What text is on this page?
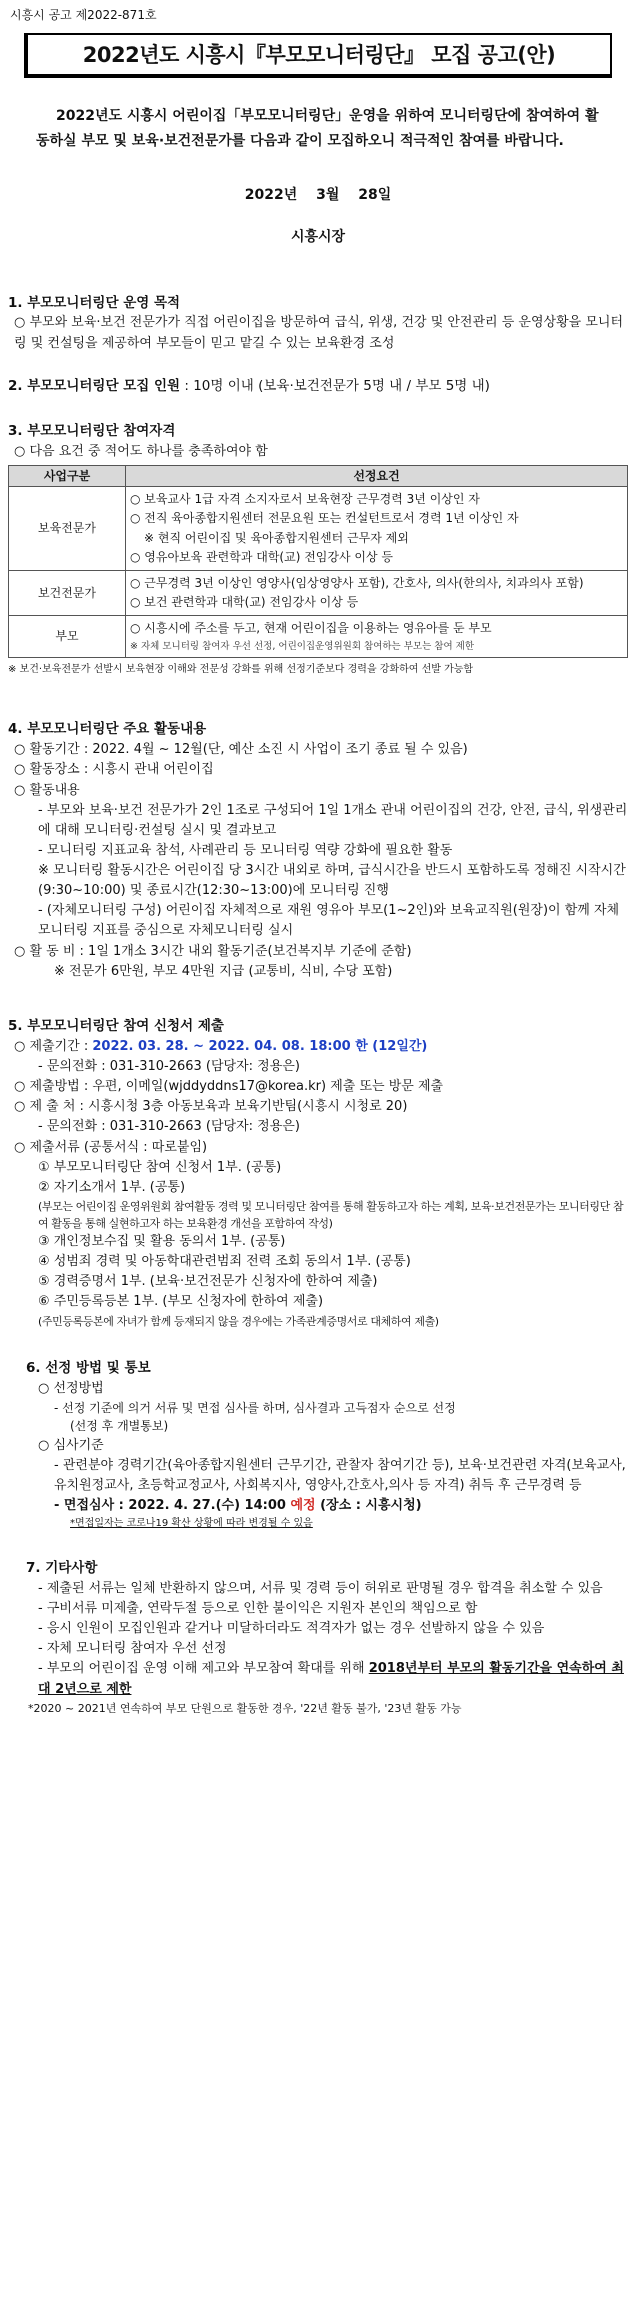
시흥시 공고 제2022-871호
2022년도 시흥시『부모모니터링단』 모집 공고(안)
2022년도 시흥시 어린이집「부모모니터링단」운영을 위하여 모니터링단에 참여하여 활동하실 부모 및 보육·보건전문가를 다음과 같이 모집하오니 적극적인 참여를 바랍니다.
2022년 3월 28일
시흥시장
1. 부모모니터링단 운영 목적
○ 부모와 보육·보건 전문가가 직접 어린이집을 방문하여 급식, 위생, 건강 및 안전관리 등 운영상황을 모니터링 및 컨설팅을 제공하여 부모들이 믿고 맡길 수 있는 보육환경 조성
2. 부모모니터링단 모집 인원 : 10명 이내 (보육·보건전문가 5명 내 / 부모 5명 내)
3. 부모모니터링단 참여자격
○ 다음 요건 중 적어도 하나를 충족하여야 함
사업구분	선정요건
보육전문가	○ 보육교사 1급 자격 소지자로서 보육현장 근무경력 3년 이상인 자
○ 전직 육아종합지원센터 전문요원 또는 컨설턴트로서 경력 1년 이상인 자
※ 현직 어린이집 및 육아종합지원센터 근무자 제외
○ 영유아보육 관련학과 대학(교) 전임강사 이상 등

보건전문가	○ 근무경력 3년 이상인 영양사(임상영양사 포함), 간호사, 의사(한의사, 치과의사 포함)
○ 보건 관련학과 대학(교) 전임강사 이상 등

부모	○ 시흥시에 주소를 두고, 현재 어린이집을 이용하는 영유아를 둔 부모
※ 자체 모니터링 참여자 우선 선정, 어린이집운영위원회 참여하는 부모는 참여 제한
※ 보건·보육전문가 선발시 보육현장 이해와 전문성 강화를 위해 선정기준보다 경력을 강화하여 선발 가능함
4. 부모모니터링단 주요 활동내용
○ 활동기간 : 2022. 4월 ~ 12월(단, 예산 소진 시 사업이 조기 종료 될 수 있음)
○ 활동장소 : 시흥시 관내 어린이집
○ 활동내용
- 부모와 보육·보건 전문가가 2인 1조로 구성되어 1일 1개소 관내 어린이집의 건강, 안전, 급식, 위생관리에 대해 모니터링·컨설팅 실시 및 결과보고
- 모니터링 지표교육 참석, 사례관리 등 모니터링 역량 강화에 필요한 활동
※ 모니터링 활동시간은 어린이집 당 3시간 내외로 하며, 급식시간을 반드시 포함하도록 정해진 시작시간(9:30~10:00) 및 종료시간(12:30~13:00)에 모니터링 진행
- (자체모니터링 구성) 어린이집 자체적으로 재원 영유아 부모(1~2인)와 보육교직원(원장)이 함께 자체모니터링 지표를 중심으로 자체모니터링 실시
○ 활 동 비 : 1일 1개소 3시간 내외 활동기준(보건복지부 기준에 준함)
※ 전문가 6만원, 부모 4만원 지급 (교통비, 식비, 수당 포함)
5. 부모모니터링단 참여 신청서 제출
○ 제출기간 : 2022. 03. 28. ~ 2022. 04. 08. 18:00 한 (12일간)
- 문의전화 : 031-310-2663 (담당자: 정용은)
○ 제출방법 : 우편, 이메일(wjddyddns17@korea.kr) 제출 또는 방문 제출
○ 제 출 처 : 시흥시청 3층 아동보육과 보육기반팀(시흥시 시청로 20)
- 문의전화 : 031-310-2663 (담당자: 정용은)
○ 제출서류 (공통서식 : 따로붙임)
① 부모모니터링단 참여 신청서 1부. (공통)
② 자기소개서 1부. (공통)
(부모는 어린이집 운영위원회 참여활동 경력 및 모니터링단 참여를 통해 활동하고자 하는 계획, 보육·보건전문가는 모니터링단 참여 활동을 통해 실현하고자 하는 보육환경 개선을 포함하여 작성)
③ 개인정보수집 및 활용 동의서 1부. (공통)
④ 성범죄 경력 및 아동학대관련범죄 전력 조회 동의서 1부. (공통)
⑤ 경력증명서 1부. (보육·보건전문가 신청자에 한하여 제출)
⑥ 주민등록등본 1부. (부모 신청자에 한하여 제출)
(주민등록등본에 자녀가 함께 등재되지 않을 경우에는 가족관계증명서로 대체하여 제출)
6. 선정 방법 및 통보
○ 선정방법
- 선정 기준에 의거 서류 및 면접 심사를 하며, 심사결과 고득점자 순으로 선정
(선정 후 개별통보)
○ 심사기준
- 관련분야 경력기간(육아종합지원센터 근무기간, 관찰자 참여기간 등), 보육·보건관련 자격(보육교사, 유치원정교사, 초등학교정교사, 사회복지사, 영양사,간호사,의사 등 자격) 취득 후 근무경력 등
- 면접심사 : 2022. 4. 27.(수) 14:00 예정 (장소 : 시흥시청)
*면접일자는 코로나19 확산 상황에 따라 변경될 수 있음
7. 기타사항
- 제출된 서류는 일체 반환하지 않으며, 서류 및 경력 등이 허위로 판명될 경우 합격을 취소할 수 있음
- 구비서류 미제출, 연락두절 등으로 인한 불이익은 지원자 본인의 책임으로 함
- 응시 인원이 모집인원과 같거나 미달하더라도 적격자가 없는 경우 선발하지 않을 수 있음
- 자체 모니터링 참여자 우선 선정
- 부모의 어린이집 운영 이해 제고와 부모참여 확대를 위해 2018년부터 부모의 활동기간을 연속하여 최대 2년으로 제한
*2020 ~ 2021년 연속하여 부모 단원으로 활동한 경우, '22년 활동 불가, '23년 활동 가능
